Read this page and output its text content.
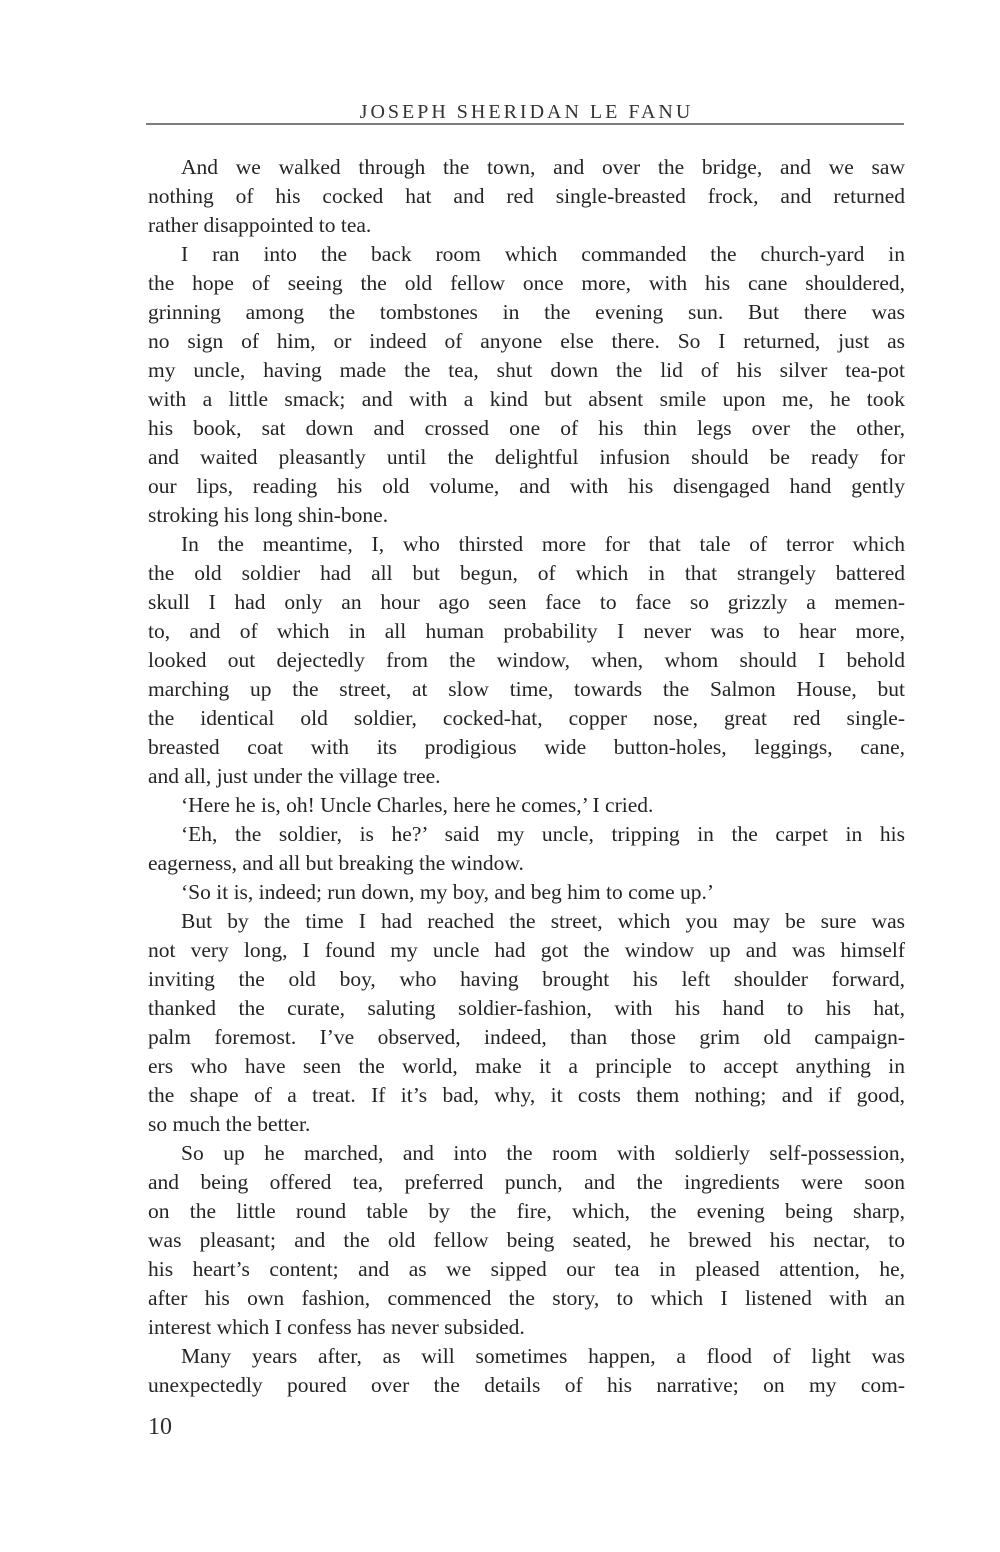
JOSEPH SHERIDAN LE FANU
And we walked through the town, and over the bridge, and we saw
nothing of his cocked hat and red single-breasted frock, and returned
rather disappointed to tea.
I ran into the back room which commanded the church-yard in
the hope of seeing the old fellow once more, with his cane shouldered,
grinning among the tombstones in the evening sun. But there was
no sign of him, or indeed of anyone else there. So I returned, just as
my uncle, having made the tea, shut down the lid of his silver tea-pot
with a little smack; and with a kind but absent smile upon me, he took
his book, sat down and crossed one of his thin legs over the other,
and waited pleasantly until the delightful infusion should be ready for
our lips, reading his old volume, and with his disengaged hand gently
stroking his long shin-bone.
In the meantime, I, who thirsted more for that tale of terror which
the old soldier had all but begun, of which in that strangely battered
skull I had only an hour ago seen face to face so grizzly a memen-
to, and of which in all human probability I never was to hear more,
looked out dejectedly from the window, when, whom should I behold
marching up the street, at slow time, towards the Salmon House, but
the identical old soldier, cocked-hat, copper nose, great red single-
breasted coat with its prodigious wide button-holes, leggings, cane,
and all, just under the village tree.
‘Here he is, oh! Uncle Charles, here he comes,’ I cried.
‘Eh, the soldier, is he?’ said my uncle, tripping in the carpet in his
eagerness, and all but breaking the window.
‘So it is, indeed; run down, my boy, and beg him to come up.’
But by the time I had reached the street, which you may be sure was
not very long, I found my uncle had got the window up and was himself
inviting the old boy, who having brought his left shoulder forward,
thanked the curate, saluting soldier-fashion, with his hand to his hat,
palm foremost. I’ve observed, indeed, than those grim old campaign-
ers who have seen the world, make it a principle to accept anything in
the shape of a treat. If it’s bad, why, it costs them nothing; and if good,
so much the better.
So up he marched, and into the room with soldierly self-possession,
and being offered tea, preferred punch, and the ingredients were soon
on the little round table by the fire, which, the evening being sharp,
was pleasant; and the old fellow being seated, he brewed his nectar, to
his heart’s content; and as we sipped our tea in pleased attention, he,
after his own fashion, commenced the story, to which I listened with an
interest which I confess has never subsided.
Many years after, as will sometimes happen, a flood of light was
unexpectedly poured over the details of his narrative; on my com-
10
